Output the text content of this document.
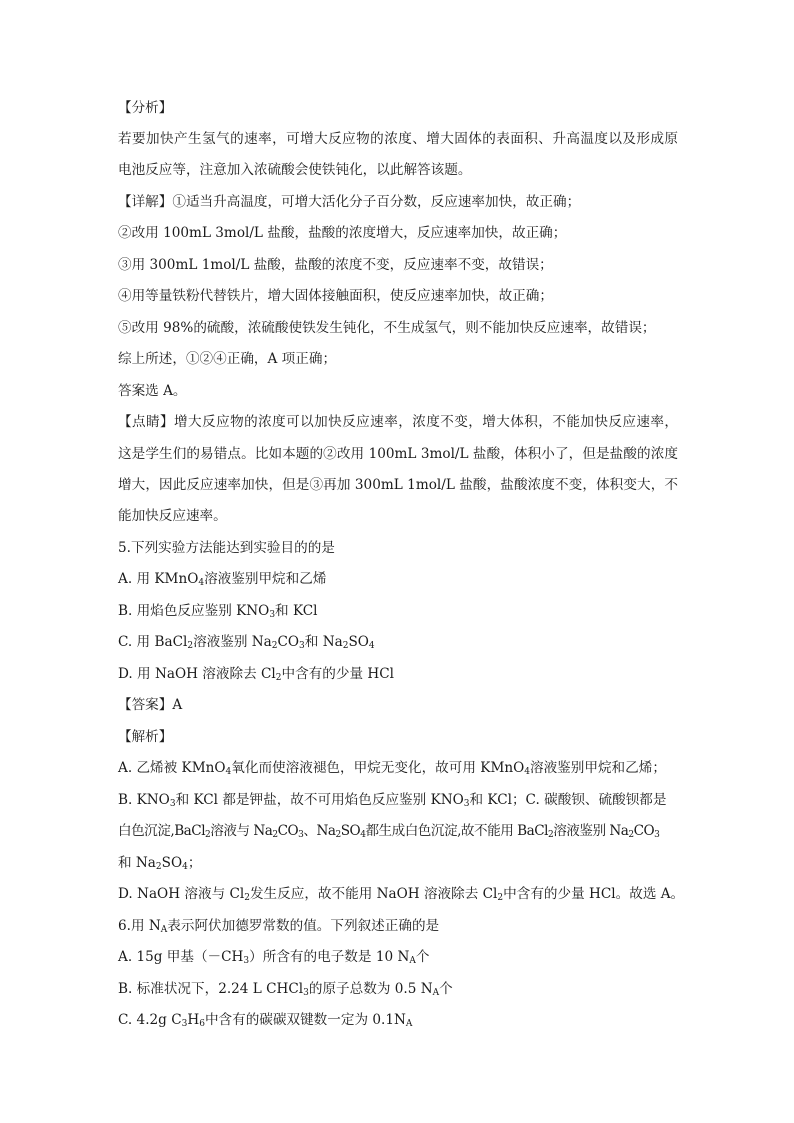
【分析】
若要加快产生氢气的速率，可增大反应物的浓度、增大固体的表面积、升高温度以及形成原
电池反应等，注意加入浓硫酸会使铁钝化，以此解答该题。
【详解】①适当升高温度，可增大活化分子百分数，反应速率加快，故正确；
②改用 100mL 3mol/L 盐酸，盐酸的浓度增大，反应速率加快，故正确；
③用 300mL 1mol/L 盐酸，盐酸的浓度不变，反应速率不变，故错误；
④用等量铁粉代替铁片，增大固体接触面积，使反应速率加快，故正确；
⑤改用 98%的硫酸，浓硫酸使铁发生钝化，不生成氢气，则不能加快反应速率，故错误；
综上所述，①②④正确，A 项正确；
答案选 A。
【点睛】增大反应物的浓度可以加快反应速率，浓度不变，增大体积，不能加快反应速率，
这是学生们的易错点。比如本题的②改用 100mL 3mol/L 盐酸，体积小了，但是盐酸的浓度
增大，因此反应速率加快，但是③再加 300mL 1mol/L 盐酸，盐酸浓度不变，体积变大，不
能加快反应速率。
5.下列实验方法能达到实验目的的是
A. 用 KMnO$_4$溶液鉴别甲烷和乙烯
B. 用焰色反应鉴别 $KNO_3$和 KCl
C. 用 BaCl$_2$溶液鉴别 $Na_2CO_3$和 $Na_2SO_4$
D. 用 NaOH 溶液除去 $Cl_2$中含有的少量 HCl
【答案】A
【解析】
A. 乙烯被 KMnO$_4$氧化而使溶液褪色，甲烷无变化，故可用 KMnO$_4$溶液鉴别甲烷和乙烯；
B. $KNO_3$和 KCl 都是钾盐，故不可用焰色反应鉴别 $KNO_3$和 KCl；C. 碳酸钡、硫酸钡都是
白色沉淀,BaCl$_2$溶液与 $Na_2CO_3$、$Na_2SO_4$都生成白色沉淀,故不能用 BaCl$_2$溶液鉴别 $Na_2CO_3$
和 $Na_2SO_4$；
D. NaOH 溶液与 $Cl_2$发生反应，故不能用 NaOH 溶液除去 $Cl_2$中含有的少量 HCl。故选 A。
6.用 $N_A$表示阿伏加德罗常数的值。下列叙述正确的是
A. 15g 甲基$(-CH_3)$所含有的电子数是 10 $N_A$个
B. 标准状况下，2.24 L CHCl$_3$的原子总数为 0.5 $N_A$个
C. 4.2g $C_3H_6$中含有的碳碳双键数一定为 $0.1N_A$
